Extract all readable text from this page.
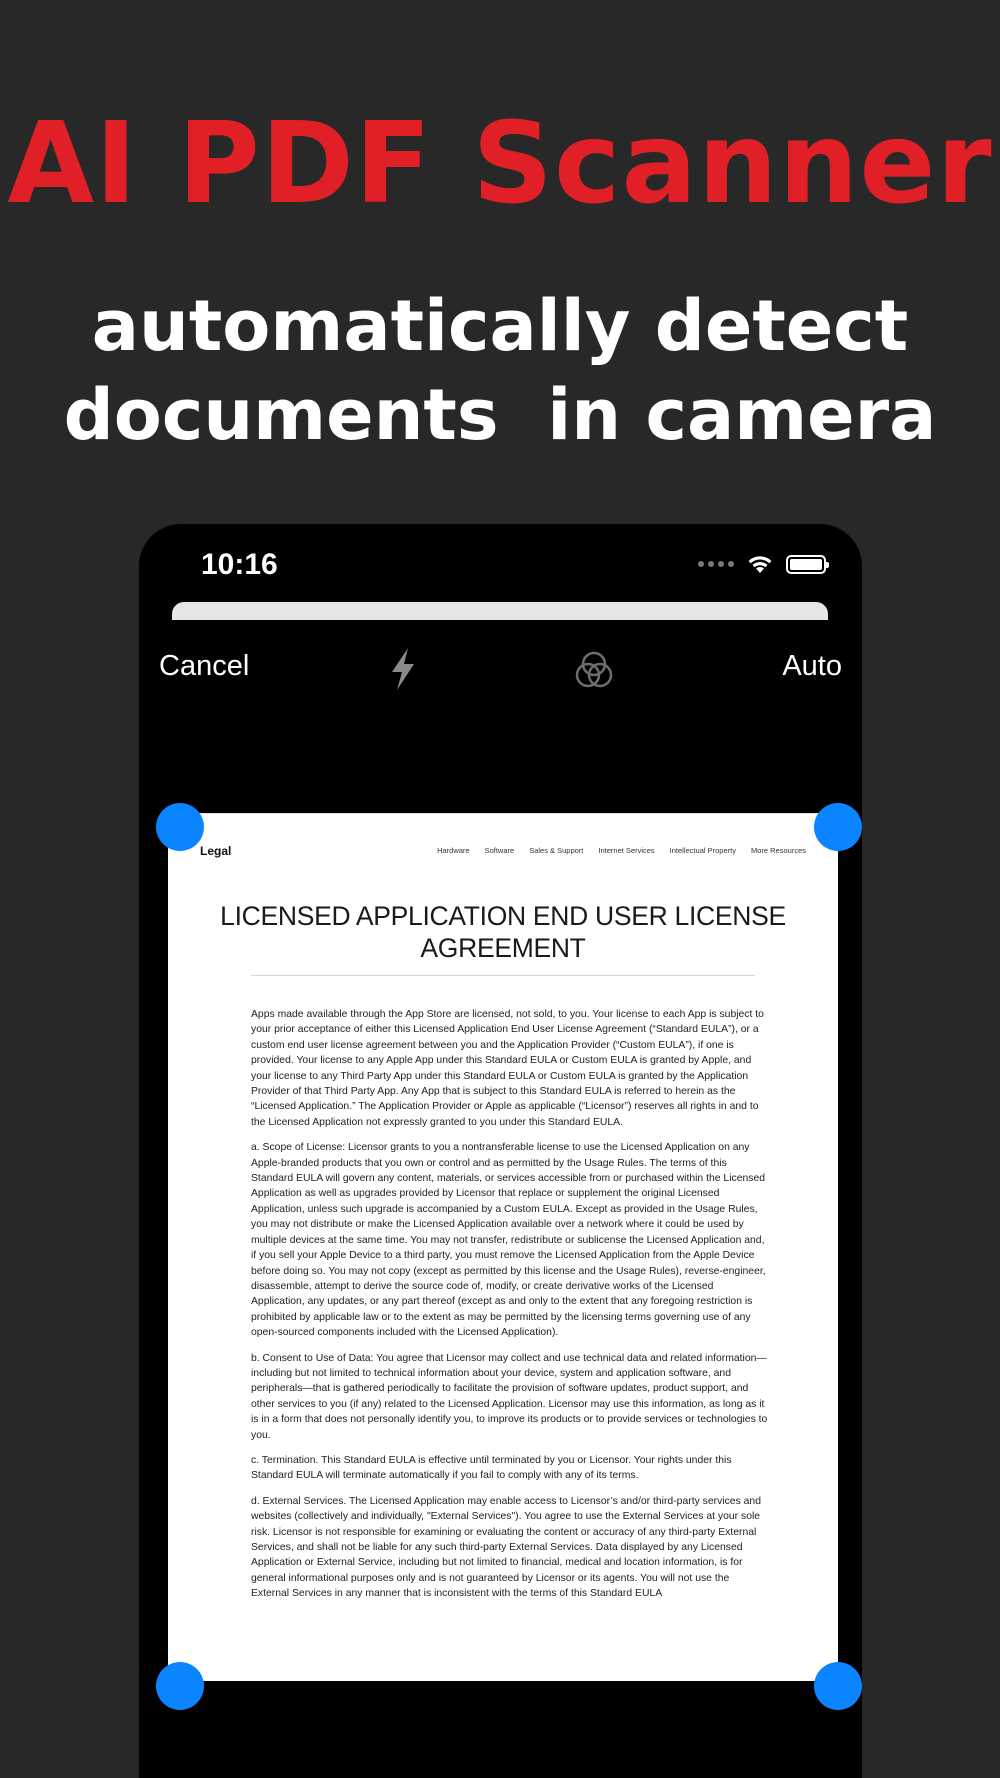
AI PDF Scanner
automatically detect
documents  in camera
10:16
Cancel	Auto
Legal	Hardware Software Sales & Support Internet Services Intellectual Property More Resources
LICENSED APPLICATION END USER LICENSE AGREEMENT

Apps made available through the App Store are licensed, not sold, to you. Your license to each App is subject to your prior acceptance of either this Licensed Application End User License Agreement (“Standard EULA”), or a custom end user license agreement between you and the Application Provider (“Custom EULA”), if one is provided. Your license to any Apple App under this Standard EULA or Custom EULA is granted by Apple, and your license to any Third Party App under this Standard EULA or Custom EULA is granted by the Application Provider of that Third Party App. Any App that is subject to this Standard EULA is referred to herein as the “Licensed Application.” The Application Provider or Apple as applicable (“Licensor”) reserves all rights in and to the Licensed Application not expressly granted to you under this Standard EULA.

a. Scope of License: Licensor grants to you a nontransferable license to use the Licensed Application on any Apple-branded products that you own or control and as permitted by the Usage Rules. The terms of this Standard EULA will govern any content, materials, or services accessible from or purchased within the Licensed Application as well as upgrades provided by Licensor that replace or supplement the original Licensed Application, unless such upgrade is accompanied by a Custom EULA. Except as provided in the Usage Rules, you may not distribute or make the Licensed Application available over a network where it could be used by multiple devices at the same time. You may not transfer, redistribute or sublicense the Licensed Application and, if you sell your Apple Device to a third party, you must remove the Licensed Application from the Apple Device before doing so. You may not copy (except as permitted by this license and the Usage Rules), reverse-engineer, disassemble, attempt to derive the source code of, modify, or create derivative works of the Licensed Application, any updates, or any part thereof (except as and only to the extent that any foregoing restriction is prohibited by applicable law or to the extent as may be permitted by the licensing terms governing use of any open-sourced components included with the Licensed Application).

b. Consent to Use of Data: You agree that Licensor may collect and use technical data and related information—including but not limited to technical information about your device, system and application software, and peripherals—that is gathered periodically to facilitate the provision of software updates, product support, and other services to you (if any) related to the Licensed Application. Licensor may use this information, as long as it is in a form that does not personally identify you, to improve its products or to provide services or technologies to you.

c. Termination. This Standard EULA is effective until terminated by you or Licensor. Your rights under this Standard EULA will terminate automatically if you fail to comply with any of its terms.

d. External Services. The Licensed Application may enable access to Licensor’s and/or third-party services and websites (collectively and individually, "External Services"). You agree to use the External Services at your sole risk. Licensor is not responsible for examining or evaluating the content or accuracy of any third-party External Services, and shall not be liable for any such third-party External Services. Data displayed by any Licensed Application or External Service, including but not limited to financial, medical and location information, is for general informational purposes only and is not guaranteed by Licensor or its agents. You will not use the External Services in any manner that is inconsistent with the terms of this Standard EULA
